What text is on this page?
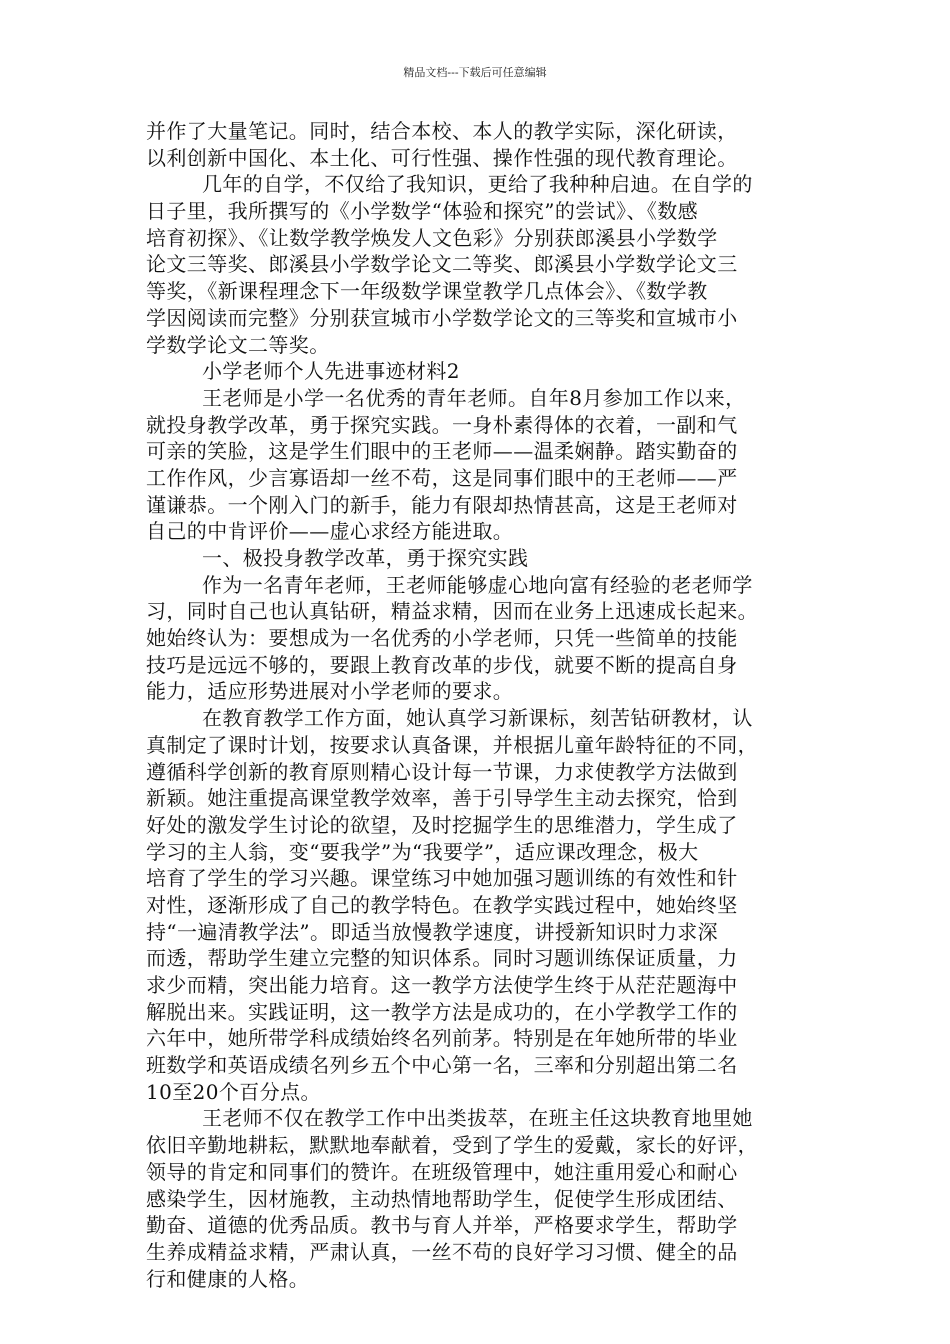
精品文档---下载后可任意编辑
并作了大量笔记。同时，结合本校、本人的教学实际，深化研读，
以利创新中国化、本土化、可行性强、操作性强的现代教育理论。
几年的自学，不仅给了我知识，更给了我种种启迪。在自学的
日子里，我所撰写的《小学数学“体验和探究”的尝试》、《数感
培育初探》、《让数学教学焕发人文色彩》分别获郎溪县小学数学
论文三等奖、郎溪县小学数学论文二等奖、郎溪县小学数学论文三
等奖，《新课程理念下一年级数学课堂教学几点体会》、《数学教
学因阅读而完整》分别获宣城市小学数学论文的三等奖和宣城市小
学数学论文二等奖。
小学老师个人先进事迹材料2
王老师是小学一名优秀的青年老师。自年8月参加工作以来，
就投身教学改革，勇于探究实践。一身朴素得体的衣着，一副和气
可亲的笑脸，这是学生们眼中的王老师——温柔娴静。踏实勤奋的
工作作风，少言寡语却一丝不苟，这是同事们眼中的王老师——严
谨谦恭。一个刚入门的新手，能力有限却热情甚高，这是王老师对
自己的中肯评价——虚心求经方能进取。
一、极投身教学改革，勇于探究实践
作为一名青年老师，王老师能够虚心地向富有经验的老老师学
习，同时自己也认真钻研，精益求精，因而在业务上迅速成长起来。
她始终认为：要想成为一名优秀的小学老师，只凭一些简单的技能
技巧是远远不够的，要跟上教育改革的步伐，就要不断的提高自身
能力，适应形势进展对小学老师的要求。
在教育教学工作方面，她认真学习新课标，刻苦钻研教材，认
真制定了课时计划，按要求认真备课，并根据儿童年龄特征的不同，
遵循科学创新的教育原则精心设计每一节课，力求使教学方法做到
新颖。她注重提高课堂教学效率，善于引导学生主动去探究，恰到
好处的激发学生讨论的欲望，及时挖掘学生的思维潜力，学生成了
学习的主人翁，变“要我学”为“我要学”，适应课改理念，极大
培育了学生的学习兴趣。课堂练习中她加强习题训练的有效性和针
对性，逐渐形成了自己的教学特色。在教学实践过程中，她始终坚
持“一遍清教学法”。即适当放慢教学速度，讲授新知识时力求深
而透，帮助学生建立完整的知识体系。同时习题训练保证质量，力
求少而精，突出能力培育。这一教学方法使学生终于从茫茫题海中
解脱出来。实践证明，这一教学方法是成功的，在小学教学工作的
六年中，她所带学科成绩始终名列前茅。特别是在年她所带的毕业
班数学和英语成绩名列乡五个中心第一名，三率和分别超出第二名
10至20个百分点。
王老师不仅在教学工作中出类拔萃，在班主任这块教育地里她
依旧辛勤地耕耘，默默地奉献着，受到了学生的爱戴，家长的好评，
领导的肯定和同事们的赞许。在班级管理中，她注重用爱心和耐心
感染学生，因材施教，主动热情地帮助学生，促使学生形成团结、
勤奋、道德的优秀品质。教书与育人并举，严格要求学生，帮助学
生养成精益求精，严肃认真，一丝不苟的良好学习习惯、健全的品
行和健康的人格。
